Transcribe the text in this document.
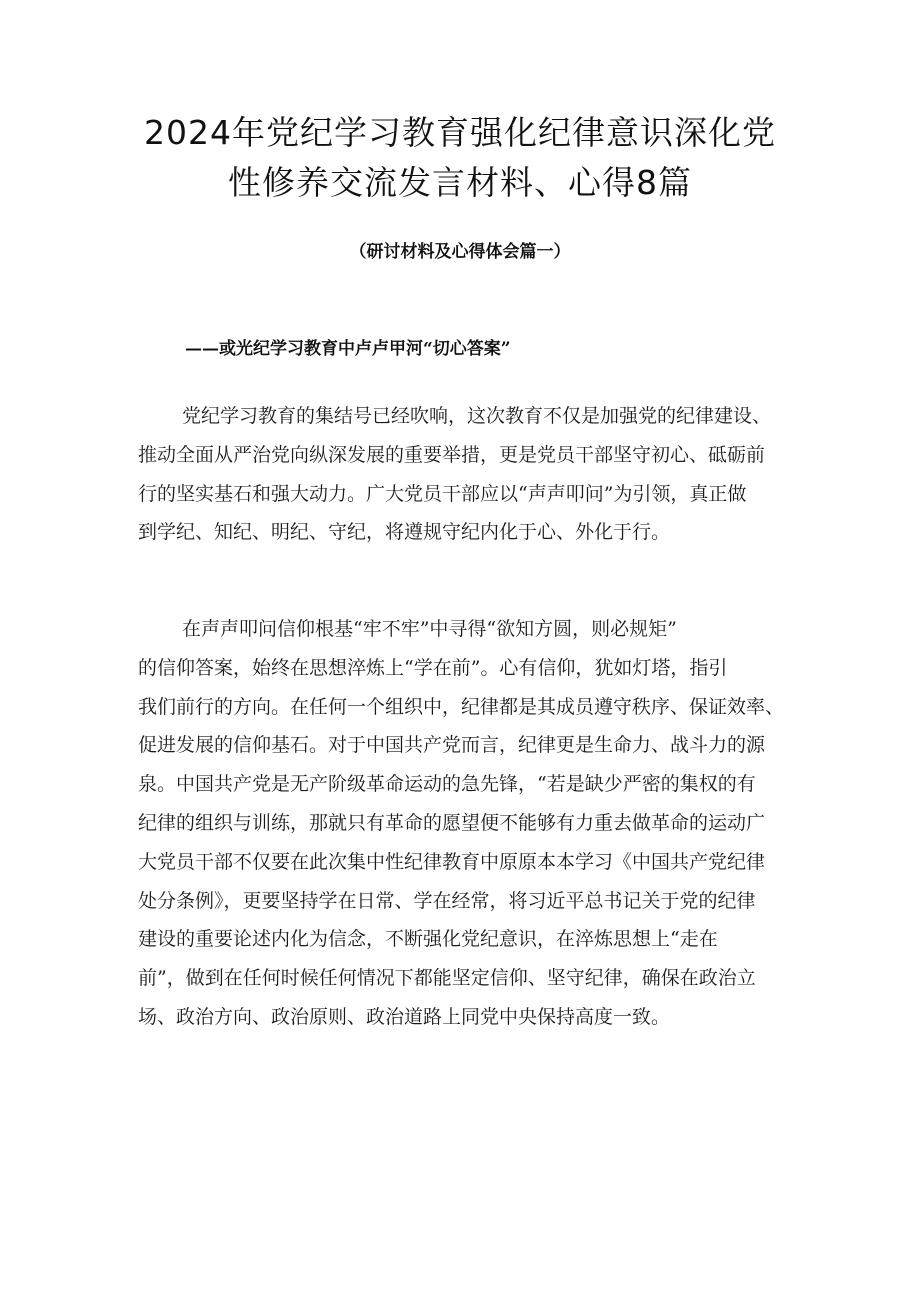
2024年党纪学习教育强化纪律意识深化党
性修养交流发言材料、心得8篇
（研讨材料及心得体会篇一）
——或光纪学习教育中卢卢甲河“切心答案”
党纪学习教育的集结号已经吹响，这次教育不仅是加强党的纪律建设、
推动全面从严治党向纵深发展的重要举措，更是党员干部坚守初心、砥砺前
行的坚实基石和强大动力。广大党员干部应以“声声叩问”为引领，真正做
到学纪、知纪、明纪、守纪，将遵规守纪内化于心、外化于行。
在声声叩问信仰根基“牢不牢”中寻得“欲知方圆，则必规矩”
的信仰答案，始终在思想淬炼上“学在前”。心有信仰，犹如灯塔，指引
我们前行的方向。在任何一个组织中，纪律都是其成员遵守秩序、保证效率、
促进发展的信仰基石。对于中国共产党而言，纪律更是生命力、战斗力的源
泉。中国共产党是无产阶级革命运动的急先锋，“若是缺少严密的集权的有
纪律的组织与训练，那就只有革命的愿望便不能够有力重去做革命的运动广
大党员干部不仅要在此次集中性纪律教育中原原本本学习《中国共产党纪律
处分条例》，更要坚持学在日常、学在经常，将习近平总书记关于党的纪律
建设的重要论述内化为信念，不断强化党纪意识，在淬炼思想上“走在
前”，做到在任何时候任何情况下都能坚定信仰、坚守纪律，确保在政治立
场、政治方向、政治原则、政治道路上同党中央保持高度一致。
